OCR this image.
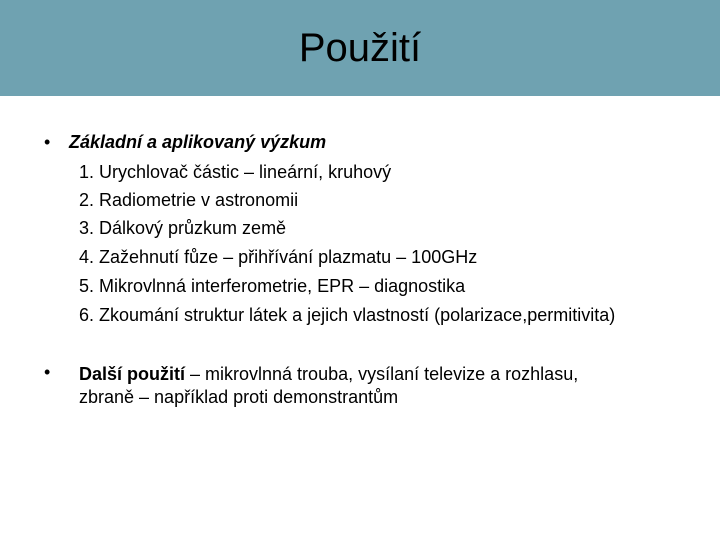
Použití
• Základní a aplikovaný výzkum
1. Urychlovač částic – lineární, kruhový
2. Radiometrie v astronomii
3. Dálkový průzkum země
4. Zažehnutí fůze – přihřívání plazmatu – 100GHz
5. Mikrovlnná interferometrie, EPR – diagnostika
6. Zkoumání struktur látek a jejich vlastností (polarizace,permitivita)
• Další použití – mikrovlnná trouba, vysílaní televize a rozhlasu,
zbraně – například proti demonstrantům
